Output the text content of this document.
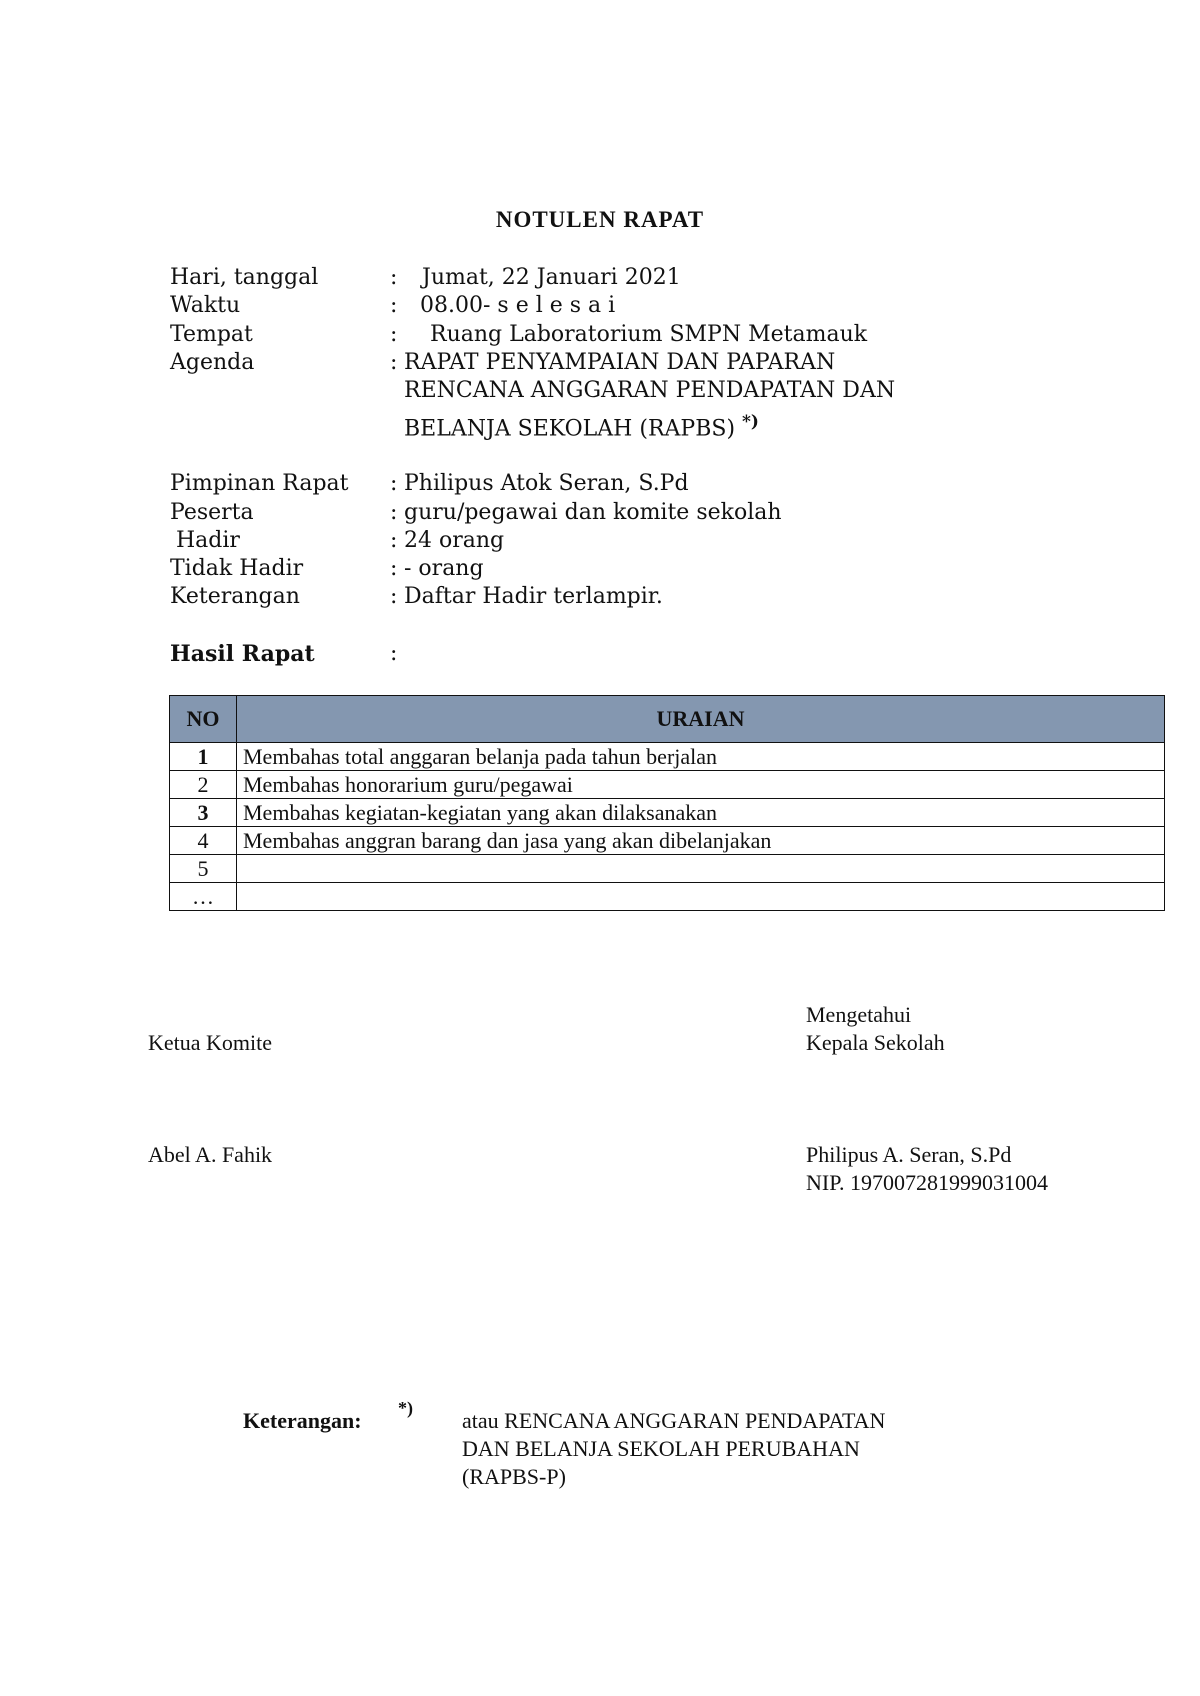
NOTULEN RAPAT
Hari, tanggal	: Jumat, 22 Januari 2021
Waktu	: 08.00- s e l e s a i
Tempat	: Ruang Laboratorium SMPN Metamauk
Agenda	: RAPAT PENYAMPAIAN DAN PAPARAN
RENCANA ANGGARAN PENDAPATAN DAN
BELANJA SEKOLAH (RAPBS) *)
Pimpinan Rapat : Philipus Atok Seran, S.Pd
Peserta	: guru/pegawai dan komite sekolah
Hadir	: 24 orang
Tidak Hadir	: - orang
Keterangan	: Daftar Hadir terlampir.
Hasil Rapat	:
NO	URAIAN
1	Membahas total anggaran belanja pada tahun berjalan
2	Membahas honorarium guru/pegawai
3	Membahas kegiatan-kegiatan yang akan dilaksanakan
4	Membahas anggran barang dan jasa yang akan dibelanjakan
5	
…	
Mengetahui
Ketua Komite	Kepala Sekolah
Abel A. Fahik	Philipus A. Seran, S.Pd
NIP. 197007281999031004
Keterangan: *) atau RENCANA ANGGARAN PENDAPATAN
DAN BELANJA SEKOLAH PERUBAHAN
(RAPBS-P)
